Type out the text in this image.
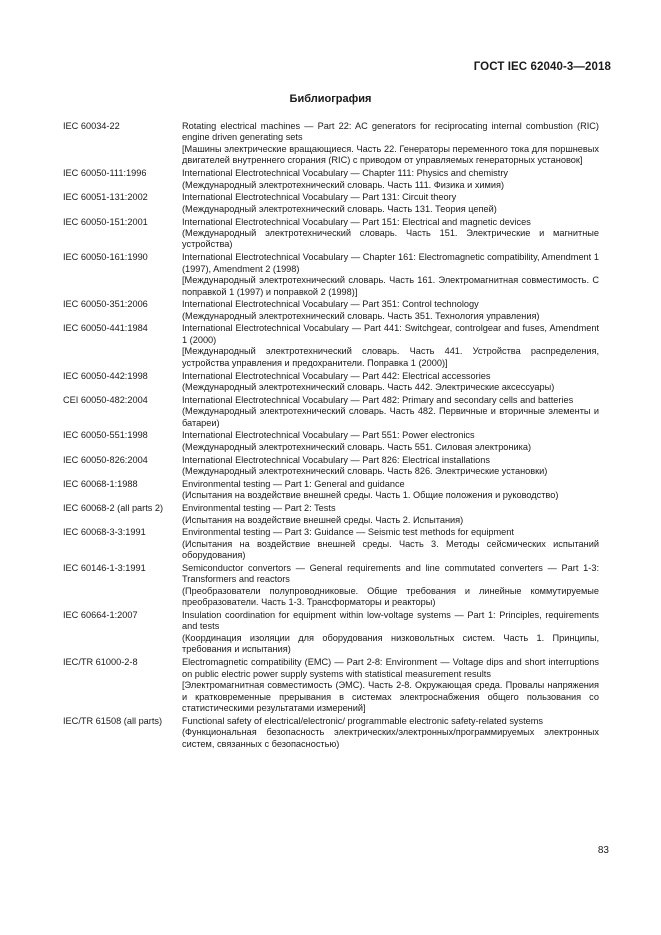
ГОСТ IEC 62040-3—2018
Библиография
IEC 60034-22	Rotating electrical machines — Part 22: AC generators for reciprocating internal combustion (RIC) engine driven generating sets
[Машины электрические вращающиеся. Часть 22. Генераторы переменного тока для поршневых двигателей внутреннего сгорания (RIC) с приводом от управляемых генераторных установок]
IEC 60050-111:1996	International Electrotechnical Vocabulary — Chapter 111: Physics and chemistry
(Международный электротехнический словарь. Часть 111. Физика и химия)
IEC 60051-131:2002	International Electrotechnical Vocabulary — Part 131: Circuit theory
(Международный электротехнический словарь. Часть 131. Теория цепей)
IEC 60050-151:2001	International Electrotechnical Vocabulary — Part 151: Electrical and magnetic devices
(Международный электротехнический словарь. Часть 151. Электрические и магнитные устройства)
IEC 60050-161:1990	International Electrotechnical Vocabulary — Chapter 161: Electromagnetic compatibility, Amendment 1 (1997), Amendment 2 (1998)
[Международный электротехнический словарь. Часть 161. Электромагнитная совместимость. С поправкой 1 (1997) и поправкой 2 (1998)]
IEC 60050-351:2006	International Electrotechnical Vocabulary — Part 351: Control technology
(Международный электротехнический словарь. Часть 351. Технология управления)
IEC 60050-441:1984	International Electrotechnical Vocabulary — Part 441: Switchgear, controlgear and fuses, Amendment 1 (2000)
[Международный электротехнический словарь. Часть 441. Устройства распределения, устройства управления и предохранители. Поправка 1 (2000)]
IEC 60050-442:1998	International Electrotechnical Vocabulary — Part 442: Electrical accessories
(Международный электротехнический словарь. Часть 442. Электрические аксессуары)
CEI 60050-482:2004	International Electrotechnical Vocabulary — Part 482: Primary and secondary cells and batteries
(Международный электротехнический словарь. Часть 482. Первичные и вторичные элементы и батареи)
IEC 60050-551:1998	International Electrotechnical Vocabulary — Part 551: Power electronics
(Международный электротехнический словарь. Часть 551. Силовая электроника)
IEC 60050-826:2004	International Electrotechnical Vocabulary — Part 826: Electrical installations
(Международный электротехнический словарь. Часть 826. Электрические установки)
IEC 60068-1:1988	Environmental testing — Part 1: General and guidance
(Испытания на воздействие внешней среды. Часть 1. Общие положения и руководство)
IEC 60068-2 (all parts 2)	Environmental testing — Part 2: Tests
(Испытания на воздействие внешней среды. Часть 2. Испытания)
IEC 60068-3-3:1991	Environmental testing — Part 3: Guidance — Seismic test methods for equipment
(Испытания на воздействие внешней среды. Часть 3. Методы сейсмических испытаний оборудования)
IEC 60146-1-3:1991	Semiconductor convertors — General requirements and line commutated converters — Part 1-3: Transformers and reactors
(Преобразователи полупроводниковые. Общие требования и линейные коммутируемые преобразователи. Часть 1-3. Трансформаторы и реакторы)
IEC 60664-1:2007	Insulation coordination for equipment within low-voltage systems — Part 1: Principles, requirements and tests
(Координация изоляции для оборудования низковольтных систем. Часть 1. Принципы, требования и испытания)
IEC/TR 61000-2-8	Electromagnetic compatibility (EMC) — Part 2-8: Environment — Voltage dips and short interruptions on public electric power supply systems with statistical measurement results
[Электромагнитная совместимость (ЭМС). Часть 2-8. Окружающая среда. Провалы напряжения и кратковременные прерывания в системах электроснабжения общего пользования со статистическими результатами измерений]
IEC/TR 61508 (all parts)	Functional safety of electrical/electronic/ programmable electronic safety-related systems
(Функциональная безопасность электрических/электронных/программируемых электронных систем, связанных с безопасностью)
83
